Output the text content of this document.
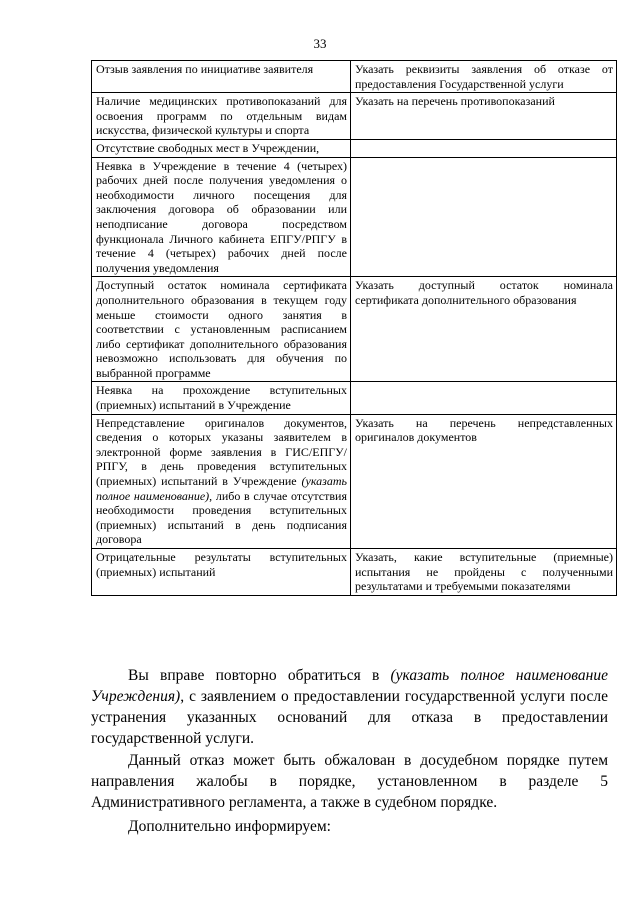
33
Отзыв заявления по инициативе заявителя	Указать реквизиты заявления об отказе от предоставления Государственной услуги
Наличие медицинских противопоказаний для освоения программ по отдельным видам искусства, физической культуры и спорта	Указать на перечень противопоказаний
Отсутствие свободных мест в Учреждении,	
Неявка в Учреждение в течение 4 (четырех) рабочих дней после получения уведомления о необходимости личного посещения для заключения договора об образовании или неподписание договора посредством функционала Личного кабинета ЕПГУ/РПГУ в течение 4 (четырех) рабочих дней после получения уведомления	
Доступный остаток номинала сертификата дополнительного образования в текущем году меньше стоимости одного занятия в соответствии с установленным расписанием либо сертификат дополнительного образования невозможно использовать для обучения по выбранной программе	Указать доступный остаток номинала сертификата дополнительного образования
Неявка на прохождение вступительных (приемных) испытаний в Учреждение	
Непредставление оригиналов документов, сведения о которых указаны заявителем в электронной форме заявления в ГИС/ЕПГУ/РПГУ, в день проведения вступительных (приемных) испытаний в Учреждение (указать полное наименование), либо в случае отсутствия необходимости проведения вступительных (приемных) испытаний в день подписания договора	Указать на перечень непредставленных оригиналов документов
Отрицательные результаты вступительных (приемных) испытаний	Указать, какие вступительные (приемные) испытания не пройдены с полученными результатами и требуемыми показателями

Вы вправе повторно обратиться в (указать полное наименование Учреждения), с заявлением о предоставлении государственной услуги после устранения указанных оснований для отказа в предоставлении государственной услуги.

Данный отказ может быть обжалован в досудебном порядке путем направления жалобы в порядке, установленном в разделе 5 Административного регламента, а также в судебном порядке.

Дополнительно информируем:
